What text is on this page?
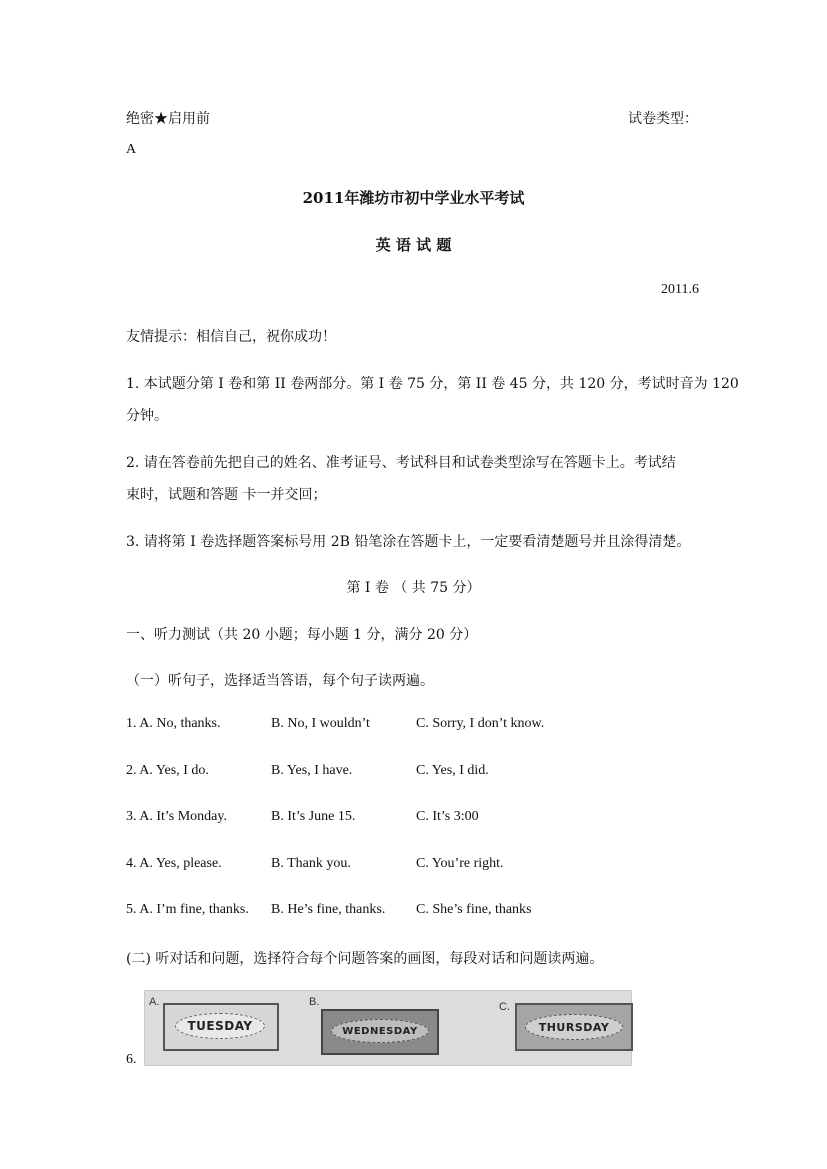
绝密★启用前	试卷类型：
A
2011年潍坊市初中学业水平考试
英 语 试 题
2011.6
友情提示：相信自己，祝你成功！
1. 本试题分第 I 卷和第 II 卷两部分。第 I 卷 75 分，第 II 卷 45 分，共 120 分，考试时音为 120
分钟。
2. 请在答卷前先把自己的姓名、准考证号、考试科目和试卷类型涂写在答题卡上。考试结
束时，试题和答题 卡一并交回；
3. 请将第 I 卷选择题答案标号用 2B 铅笔涂在答题卡上，一定要看清楚题号并且涂得清楚。
第 I 卷 （ 共 75 分）
一、听力测试（共 20 小题；每小题 1 分，满分 20 分）
（一）听句子，选择适当答语，每个句子读两遍。
1. A. No, thanks.	B. No, I wouldn’t	C. Sorry, I don’t know.
2. A. Yes, I do.	B. Yes, I have.	C. Yes, I did.
3. A. It’s Monday.	B. It’s June 15.	C. It’s 3:00
4. A. Yes, please.	B. Thank you.	C. You’re right.
5. A. I’m fine, thanks. B. He’s fine, thanks. C. She’s fine, thanks
(二) 听对话和问题，选择符合每个问题答案的画图，每段对话和问题读两遍。
A.
TUESDAY
B.
WEDNESDAY
C.
THURSDAY
6.
